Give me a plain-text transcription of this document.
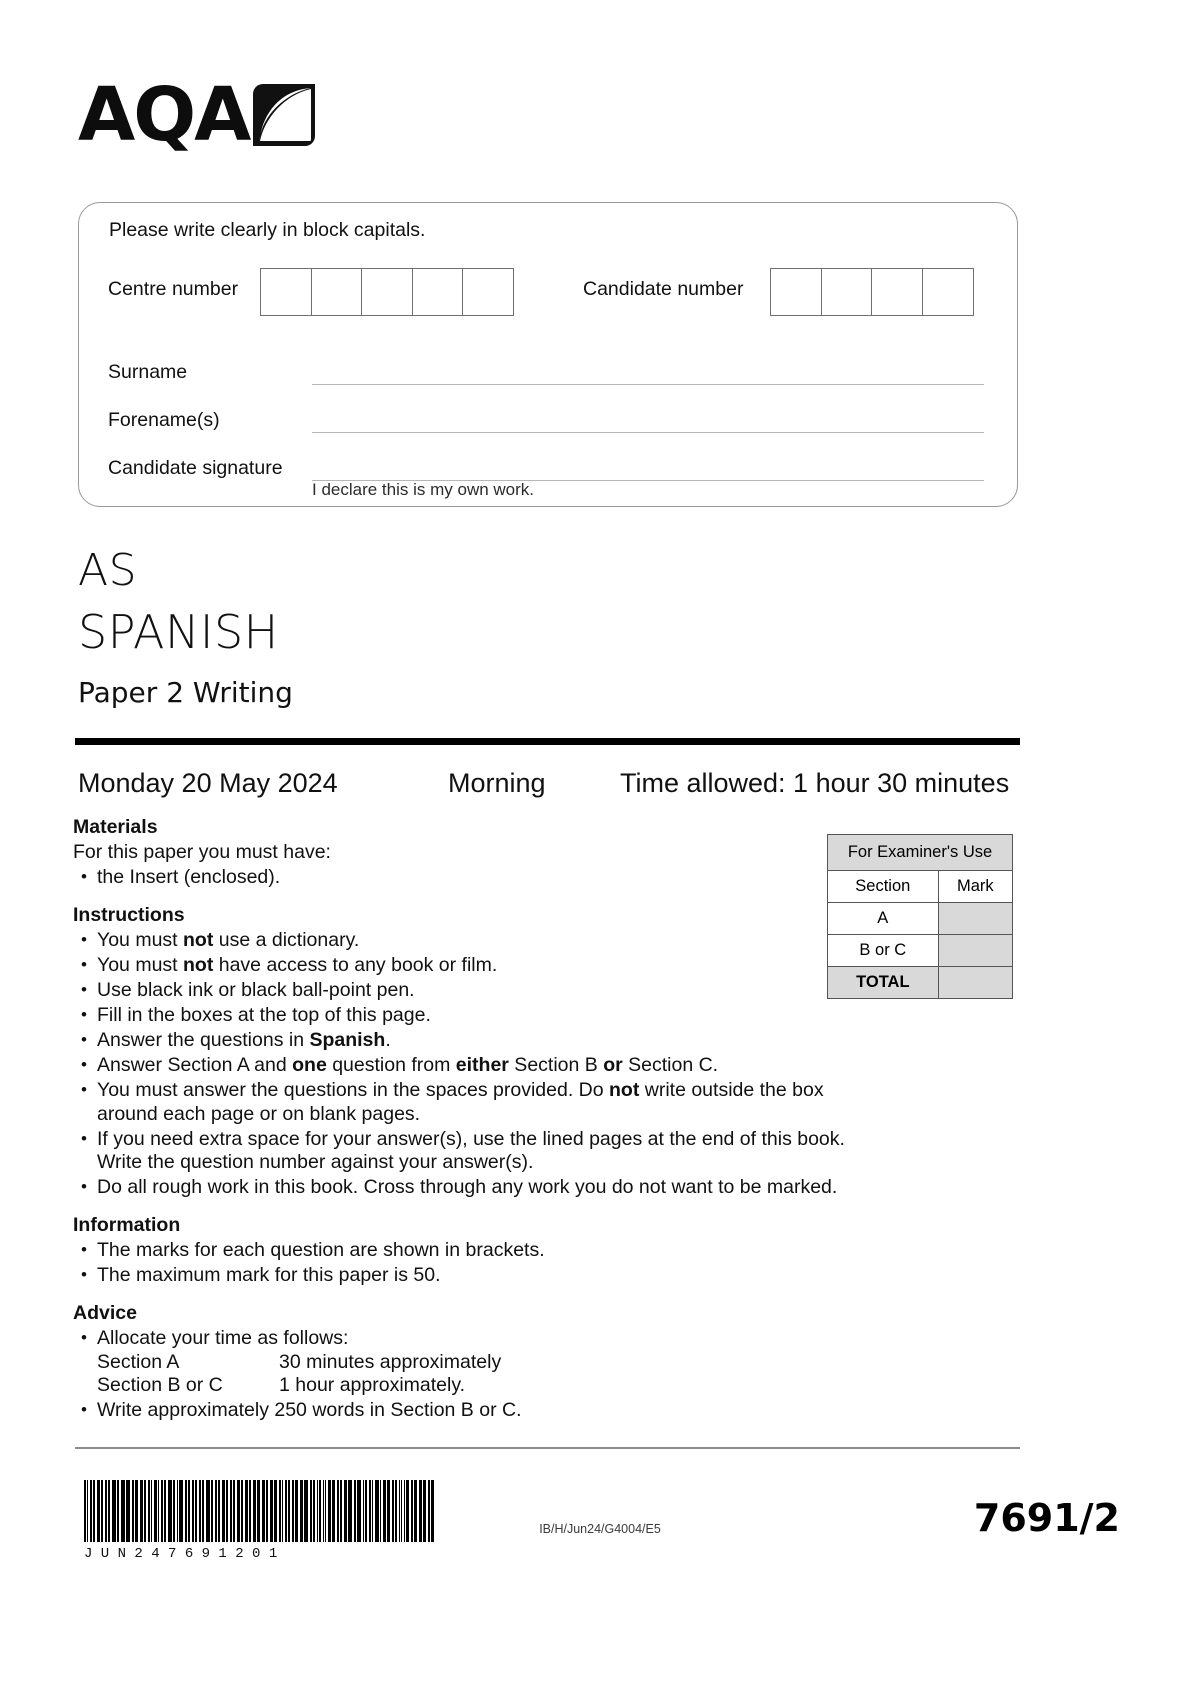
AQA
Please write clearly in block capitals.
Centre number	Candidate number
Surname
Forename(s)
Candidate signature
I declare this is my own work.
AS
SPANISH
Paper 2 Writing
Monday 20 May 2024	Morning	Time allowed: 1 hour 30 minutes
For Examiner's Use	
Section	Mark
A	
B or C	
TOTAL	
Materials
For this paper you must have:
• the Insert (enclosed).
Instructions
• You must not use a dictionary.
• You must not have access to any book or film.
• Use black ink or black ball-point pen.
• Fill in the boxes at the top of this page.
• Answer the questions in Spanish.
• Answer Section A and one question from either Section B or Section C.
• You must answer the questions in the spaces provided. Do not write outside the box around each page or on blank pages.
• If you need extra space for your answer(s), use the lined pages at the end of this book. Write the question number against your answer(s).
• Do all rough work in this book. Cross through any work you do not want to be marked.
Information
• The marks for each question are shown in brackets.
• The maximum mark for this paper is 50.
Advice
• Allocate your time as follows:
Section A	30 minutes approximately
Section B or C	1 hour approximately.
• Write approximately 250 words in Section B or C.
J U N 2 4 7 6 9 1 2 0 1
IB/H/Jun24/G4004/E5	7691/2
